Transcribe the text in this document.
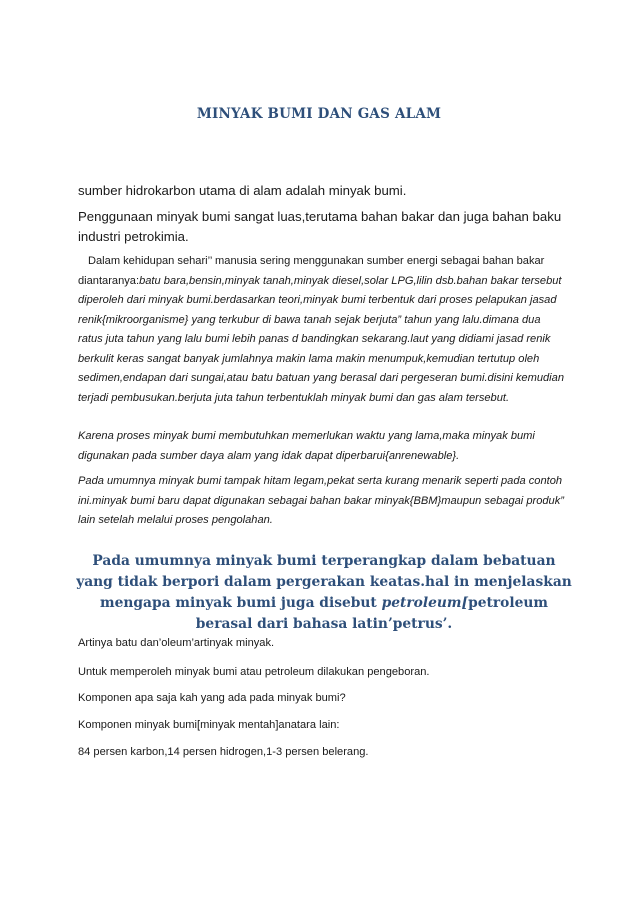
MINYAK BUMI DAN GAS ALAM

sumber hidrokarbon utama di alam adalah minyak bumi.

Penggunaan minyak bumi sangat luas,terutama bahan bakar dan juga bahan baku industri petrokimia.

Dalam kehidupan sehari’’ manusia sering menggunakan sumber energi sebagai bahan bakar diantaranya:batu bara,bensin,minyak tanah,minyak diesel,solar LPG,lilin dsb.bahan bakar tersebut diperoleh dari minyak bumi.berdasarkan teori,minyak bumi terbentuk dari proses pelapukan jasad renik{mikroorganisme} yang terkubur di bawa tanah sejak berjuta” tahun yang lalu.dimana dua ratus juta tahun yang lalu bumi lebih panas d bandingkan sekarang.laut yang didiami jasad renik berkulit keras sangat banyak jumlahnya makin lama makin menumpuk,kemudian tertutup oleh sedimen,endapan dari sungai,atau batu batuan yang berasal dari pergeseran bumi.disini kemudian terjadi pembusukan.berjuta juta tahun terbentuklah minyak bumi dan gas alam tersebut.

Karena proses minyak bumi membutuhkan memerlukan waktu yang lama,maka minyak bumi digunakan pada sumber daya alam yang idak dapat diperbarui{anrenewable}.

Pada umumnya minyak bumi tampak hitam legam,pekat serta kurang menarik seperti pada contoh ini.minyak bumi baru dapat digunakan sebagai bahan bakar minyak{BBM}maupun sebagai produk” lain setelah melalui proses pengolahan.

Pada umumnya minyak bumi terperangkap dalam bebatuan yang tidak berpori dalam pergerakan keatas.hal in menjelaskan mengapa minyak bumi juga disebut petroleum[petroleum berasal dari bahasa latin’petrus’.

Artinya batu dan’oleum’artinyak minyak.

Untuk memperoleh minyak bumi atau petroleum dilakukan pengeboran.

Komponen apa saja kah yang ada pada minyak bumi?

Komponen minyak bumi[minyak mentah]anatara lain:

84 persen karbon,14 persen hidrogen,1-3 persen belerang.
